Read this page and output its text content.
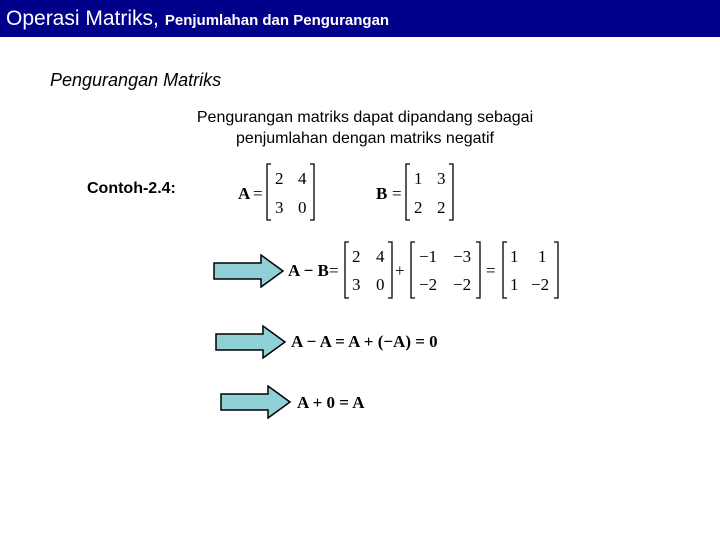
Operasi Matriks, Penjumlahan dan Pengurangan
Pengurangan Matriks
Pengurangan matriks dapat dipandang sebagai
penjumlahan dengan matriks negatif
Contoh-2.4:	A =
2 4
3 0
B =
1 3
2 2
A − B =
2 4
3 0
+
−1 −3
−2 −2
=
1 1
1 −2
A − A = A + (−A) = 0
A + 0 = A
